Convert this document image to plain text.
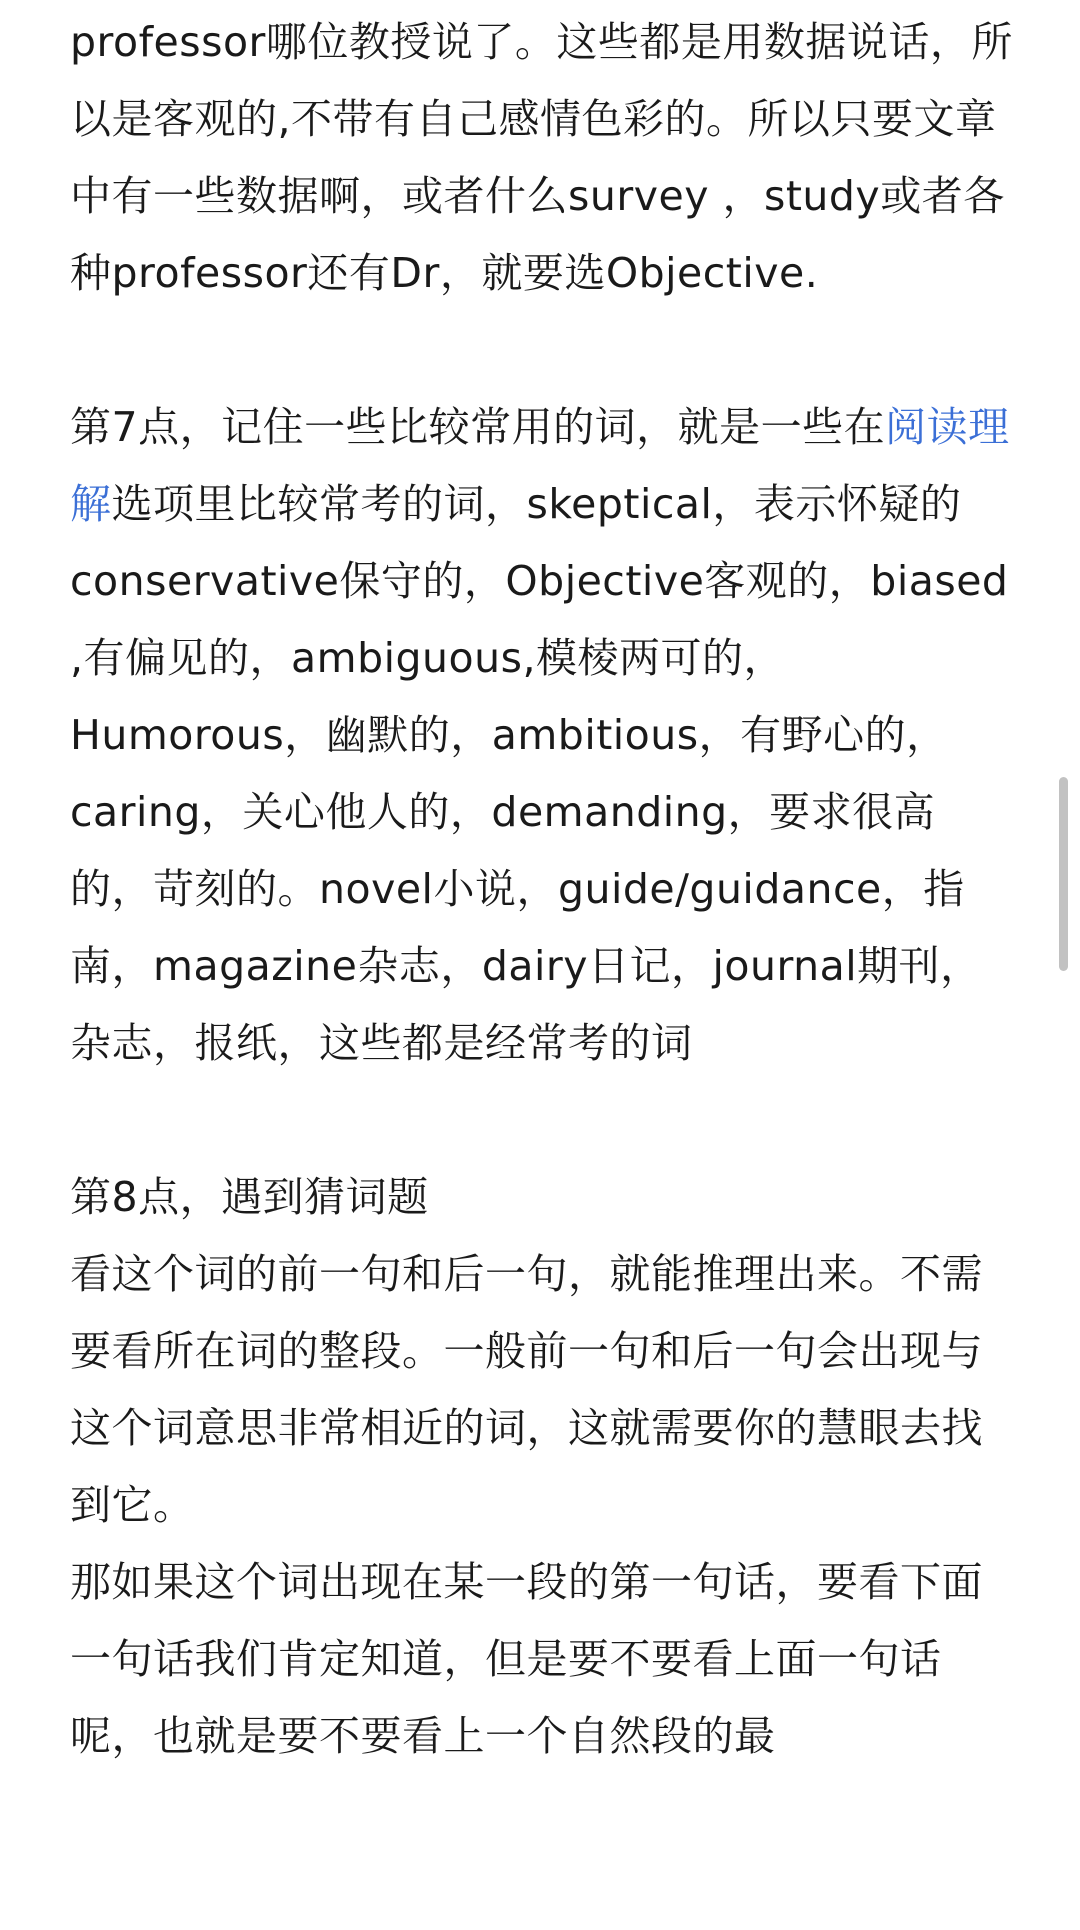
professor哪位教授说了。这些都是用数据说话，所以是客观的,不带有自己感情色彩的。所以只要文章中有一些数据啊，或者什么survey ，study或者各种professor还有Dr，就要选Objective.

第7点，记住一些比较常用的词，就是一些在阅读理解选项里比较常考的词，skeptical，表示怀疑的 conservative保守的，Objective客观的，biased ,有偏见的，ambiguous,模棱两可的，Humorous，幽默的，ambitious，有野心的，caring，关心他人的，demanding，要求很高的，苛刻的。novel小说，guide/guidance，指南，magazine杂志，dairy日记，journal期刊，杂志，报纸，这些都是经常考的词

第8点，遇到猜词题

看这个词的前一句和后一句，就能推理出来。不需要看所在词的整段。一般前一句和后一句会出现与这个词意思非常相近的词，这就需要你的慧眼去找到它。

那如果这个词出现在某一段的第一句话，要看下面一句话我们肯定知道，但是要不要看上面一句话呢，也就是要不要看上一个自然段的最
